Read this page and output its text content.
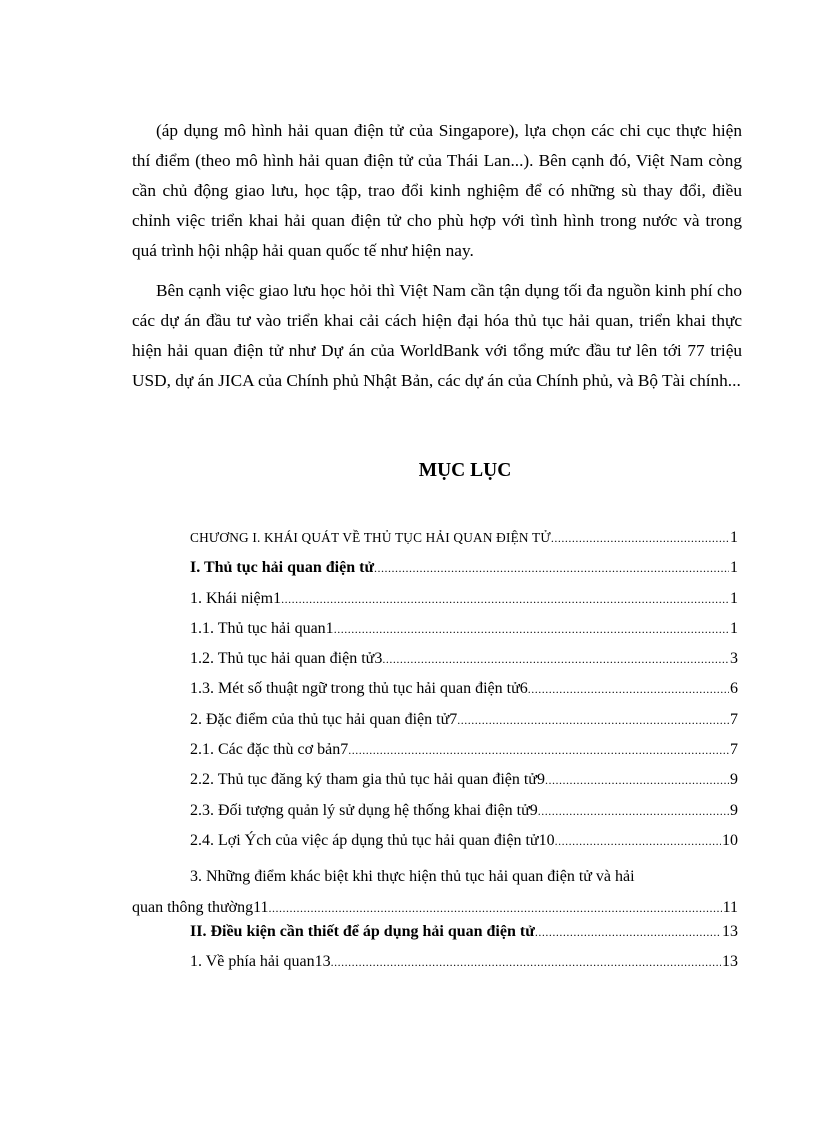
(áp dụng mô hình hải quan điện tử của Singapore), lựa chọn các chi cục thực hiện thí điểm (theo mô hình hải quan điện tử của Thái Lan...). Bên cạnh đó, Việt Nam còng cần chủ động giao lưu, học tập, trao đổi kinh nghiệm để có những sù thay đổi, điều chỉnh việc triển khai hải quan điện tử cho phù hợp với tình hình trong nước và trong quá trình hội nhập hải quan quốc tế như hiện nay.

Bên cạnh việc giao lưu học hỏi thì Việt Nam cần tận dụng tối đa nguồn kinh phí cho các dự án đầu tư vào triển khai cải cách hiện đại hóa thủ tục hải quan, triển khai thực hiện hải quan điện tử như Dự án của WorldBank với tổng mức đầu tư lên tới 77 triệu USD, dự án JICA của Chính phủ Nhật Bản, các dự án của Chính phủ, và Bộ Tài chính...

MỤC LỤC
CHƯƠNG I. KHÁI QUÁT VỀ THỦ TỤC HẢI QUAN ĐIỆN TỬ .....	1
I. Thủ tục hải quan điện tử .....	1
1. Khái niệm1 .....	1
1.1. Thủ tục hải quan1 .....	1
1.2. Thủ tục hải quan điện tử3 .....	3
1.3. Mét số thuật ngữ trong thủ tục hải quan điện tử6 .....	6
2. Đặc điểm của thủ tục hải quan điện tử7 .....	7
2.1. Các đặc thù cơ bản7 .....	7
2.2. Thủ tục đăng ký tham gia thủ tục hải quan điện tử9 .....	9
2.3. Đối tượng quản lý sử dụng hệ thống khai điện tử9 .....	9
2.4. Lợi Ých của việc áp dụng thủ tục hải quan điện tử10 .....	10
3. Những điểm khác biệt khi thực hiện thủ tục hải quan điện tử và hải
quan thông thường11 .....	11
II. Điều kiện cần thiết để áp dụng hải quan điện tử .....	13
1. Về phía hải quan13 .....	13
